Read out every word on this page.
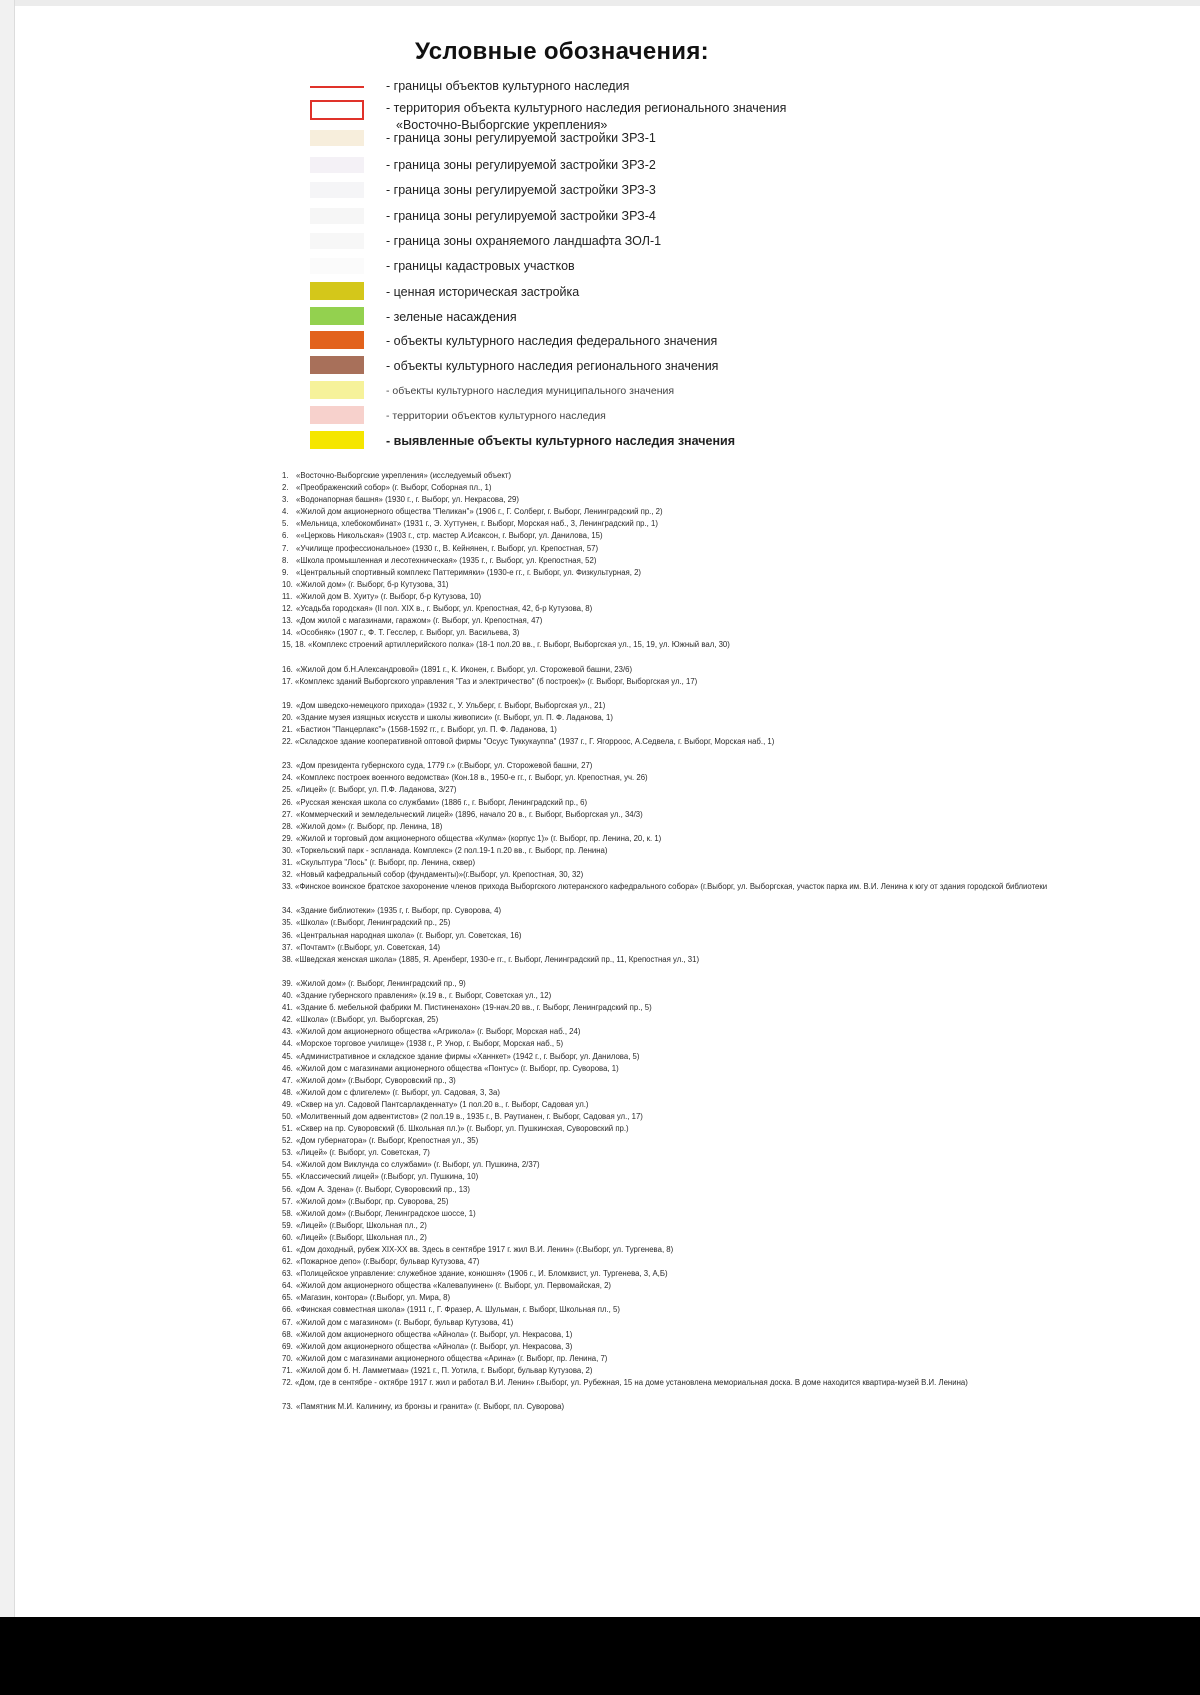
Условные обозначения:
- границы объектов культурного наследия
- территория объекта культурного наследия регионального значения
«Восточно-Выборгские укрепления»
- граница зоны регулируемой застройки ЗРЗ-1
- граница зоны регулируемой застройки ЗРЗ-2
- граница зоны регулируемой застройки ЗРЗ-3
- граница зоны регулируемой застройки ЗРЗ-4
- граница зоны охраняемого ландшафта ЗОЛ-1
- границы кадастровых участков
- ценная историческая застройка
- зеленые насаждения
- объекты культурного наследия федерального значения
- объекты культурного наследия регионального значения
- объекты культурного наследия муниципального значения
- территории объектов культурного наследия
- выявленные объекты культурного наследия значения
1.«Восточно-Выборгские укрепления» (исследуемый объект)
2.«Преображенский собор» (г. Выборг, Соборная пл., 1)
3.«Водонапорная башня» (1930 г., г. Выборг, ул. Некрасова, 29)
4.«Жилой дом акционерного общества "Пеликан"» (1906 г., Г. Солберг, г. Выборг, Ленинградский пр., 2)
5.«Мельница, хлебокомбинат» (1931 г., Э. Хуттунен, г. Выборг, Морская наб., 3, Ленинградский пр., 1)
6.««Церковь Никольская» (1903 г., стр. мастер А.Исаксон, г. Выборг, ул. Данилова, 15)
7.«Училище профессиональное» (1930 г., В. Кейнянен, г. Выборг, ул. Крепостная, 57)
8.«Школа промышленная и лесотехническая» (1935 г., г. Выборг, ул. Крепостная, 52)
9.«Центральный спортивный комплекс Паттеримяки» (1930-е гг., г. Выборг, ул. Физкультурная, 2)
10.«Жилой дом» (г. Выборг, б-р Кутузова, 31)
11.«Жилой дом В. Хуиту» (г. Выборг, б-р Кутузова, 10)
12.«Усадьба городская» (II пол. XIX в., г. Выборг, ул. Крепостная, 42, б-р Кутузова, 8)
13.«Дом жилой с магазинами, гаражом» (г. Выборг, ул. Крепостная, 47)
14.«Особняк» (1907 г., Ф. Т. Гесслер, г. Выборг, ул. Васильева, 3)
15, 18. «Комплекс строений артиллерийского полка» (18-1 пол.20 вв., г. Выборг, Выборгская ул., 15, 19, ул. Южный вал, 30)
16.«Жилой дом б.Н.Александровой» (1891 г., К. Иконен, г. Выборг, ул. Сторожевой башни, 23/6)
17. «Комплекс зданий Выборгского управления "Газ и электричество" (б построек)» (г. Выборг, Выборгская ул., 17)
19.«Дом шведско-немецкого прихода» (1932 г., У. Ульберг, г. Выборг, Выборгская ул., 21)
20.«Здание музея изящных искусств и школы живописи» (г. Выборг, ул. П. Ф. Ладанова, 1)
21.«Бастион "Панцерлакс"» (1568-1592 гг., г. Выборг, ул. П. Ф. Ладанова, 1)
22. «Складское здание кооперативной оптовой фирмы "Осуус Туккукауппа" (1937 г., Г. Ягорроос, А.Седвела, г. Выборг, Морская наб., 1)
23.«Дом президента губернского суда, 1779 г.» (г.Выборг, ул. Сторожевой башни, 27)
24.«Комплекс построек военного ведомства» (Кон.18 в., 1950-е гг., г. Выборг, ул. Крепостная, уч. 26)
25.«Лицей» (г. Выборг, ул. П.Ф. Ладанова, 3/27)
26.«Русская женская школа со службами» (1886 г., г. Выборг, Ленинградский пр., 6)
27.«Коммерческий и земледельческий лицей» (1896, начало 20 в., г. Выборг, Выборгская ул., 34/3)
28.«Жилой дом» (г. Выборг, пр. Ленина, 18)
29.«Жилой и торговый дом акционерного общества «Кулма» (корпус 1)» (г. Выборг, пр. Ленина, 20, к. 1)
30.«Торкельский парк - эспланада. Комплекс» (2 пол.19-1 п.20 вв., г. Выборг, пр. Ленина)
31.«Скульптура "Лось" (г. Выборг, пр. Ленина, сквер)
32.«Новый кафедральный собор (фундаменты)»(г.Выборг, ул. Крепостная, 30, 32)
33. «Финское воинское братское захоронение членов прихода Выборгского лютеранского кафедрального собора» (г.Выборг, ул. Выборгская, участок парка им. В.И. Ленина к югу от здания городской библиотеки
34.«Здание библиотеки» (1935 г, г. Выборг, пр. Суворова, 4)
35.«Школа» (г.Выборг, Ленинградский пр., 25)
36.«Центральная народная школа» (г. Выборг, ул. Советская, 16)
37.«Почтамт» (г.Выборг, ул. Советская, 14)
38. «Шведская женская школа» (1885, Я. Аренберг, 1930-е гг., г. Выборг, Ленинградский пр., 11, Крепостная ул., 31)
39.«Жилой дом» (г. Выборг, Ленинградский пр., 9)
40.«Здание губернского правления» (к.19 в., г. Выборг, Советская ул., 12)
41.«Здание б. мебельной фабрики М. Пистиненахон» (19-нач.20 вв., г. Выборг, Ленинградский пр., 5)
42.«Школа» (г.Выборг, ул. Выборгская, 25)
43.«Жилой дом акционерного общества «Агрикола» (г. Выборг, Морская наб., 24)
44.«Морское торговое училище» (1938 г., Р. Унор, г. Выборг, Морская наб., 5)
45.«Административное и складское здание фирмы «Ханнкет» (1942 г., г. Выборг, ул. Данилова, 5)
46.«Жилой дом с магазинами акционерного общества «Понтус» (г. Выборг, пр. Суворова, 1)
47.«Жилой дом» (г.Выборг, Суворовский пр., 3)
48.«Жилой дом с флигелем» (г. Выборг, ул. Садовая, 3, 3а)
49.«Сквер на ул. Садовой Пантсарлакденнату» (1 пол.20 в., г. Выборг, Садовая ул.)
50.«Молитвенный дом адвентистов» (2 пол.19 в., 1935 г., В. Раутианен, г. Выборг, Садовая ул., 17)
51.«Сквер на пр. Суворовский (б. Школьная пл.)» (г. Выборг, ул. Пушкинская, Суворовский пр.)
52.«Дом губернатора» (г. Выборг, Крепостная ул., 35)
53.«Лицей» (г. Выборг, ул. Советская, 7)
54.«Жилой дом Виклунда со службами» (г. Выборг, ул. Пушкина, 2/37)
55.«Классический лицей» (г.Выборг, ул. Пушкина, 10)
56.«Дом А. Здена» (г. Выборг, Суворовский пр., 13)
57.«Жилой дом» (г.Выборг, пр. Суворова, 25)
58.«Жилой дом» (г.Выборг, Ленинградское шоссе, 1)
59.«Лицей» (г.Выборг, Школьная пл., 2)
60.«Лицей» (г.Выборг, Школьная пл., 2)
61.«Дом доходный, рубеж XIX-XX вв. Здесь в сентябре 1917 г. жил В.И. Ленин» (г.Выборг, ул. Тургенева, 8)
62.«Пожарное депо» (г.Выборг, бульвар Кутузова, 47)
63.«Полицейское управление: служебное здание, конюшня» (1906 г., И. Бломквист, ул. Тургенева, 3, А,Б)
64.«Жилой дом акционерного общества «Калевапуинен» (г. Выборг, ул. Первомайская, 2)
65.«Магазин, контора» (г.Выборг, ул. Мира, 8)
66.«Финская совместная школа» (1911 г., Г. Фразер, А. Шульман, г. Выборг, Школьная пл., 5)
67.«Жилой дом с магазином» (г. Выборг, бульвар Кутузова, 41)
68.«Жилой дом акционерного общества «Айнола» (г. Выборг, ул. Некрасова, 1)
69.«Жилой дом акционерного общества «Айнола» (г. Выборг, ул. Некрасова, 3)
70.«Жилой дом с магазинами акционерного общества «Арина» (г. Выборг, пр. Ленина, 7)
71.«Жилой дом б. Н. Ламметмаа» (1921 г., П. Уотила, г. Выборг, бульвар Кутузова, 2)
72. «Дом, где в сентябре - октябре 1917 г. жил и работал В.И. Ленин» г.Выборг, ул. Рубежная, 15 на доме установлена мемориальная доска. В доме находится квартира-музей В.И. Ленина)
73.«Памятник М.И. Калинину, из бронзы и гранита» (г. Выборг, пл. Суворова)
